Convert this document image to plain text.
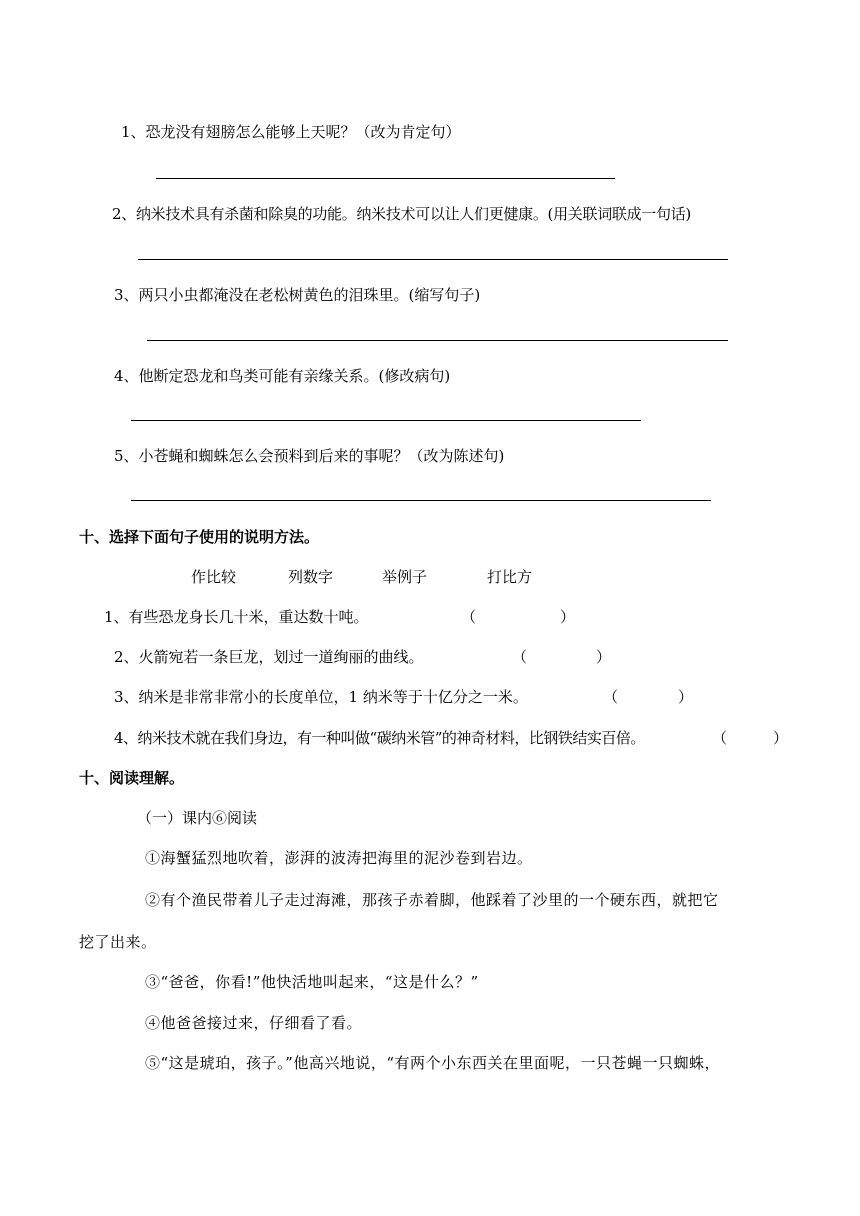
1、恐龙没有翅膀怎么能够上天呢？（改为肯定句）
2、纳米技术具有杀菌和除臭的功能。纳米技术可以让人们更健康。(用关联词联成一句话)
3、两只小虫都淹没在老松树黄色的泪珠里。(缩写句子)
4、他断定恐龙和鸟类可能有亲缘关系。(修改病句)
5、小苍蝇和蜘蛛怎么会预料到后来的事呢？（改为陈述句)
十、选择下面句子使用的说明方法。
作比较	列数字	举例子	打比方
1、有些恐龙身长几十米，重达数十吨。	（	）
2、火箭宛若一条巨龙，划过一道绚丽的曲线。	（	）
3、纳米是非常非常小的长度单位，1 纳米等于十亿分之一米。	（	）
4、纳米技术就在我们身边，有一种叫做“碳纳米管”的神奇材料，比钢铁结实百倍。	（	）
十、阅读理解。
（一）课内⑥阅读
①海蟹猛烈地吹着，澎湃的波涛把海里的泥沙卷到岩边。
②有个渔民带着儿子走过海滩，那孩子赤着脚，他踩着了沙里的一个硬东西，就把它
挖了出来。
③“爸爸，你看!”他快活地叫起来，“这是什么？”
④他爸爸接过来，仔细看了看。
⑤“这是琥珀，孩子。”他高兴地说，“有两个小东西关在里面呢，一只苍蝇一只蜘蛛，
